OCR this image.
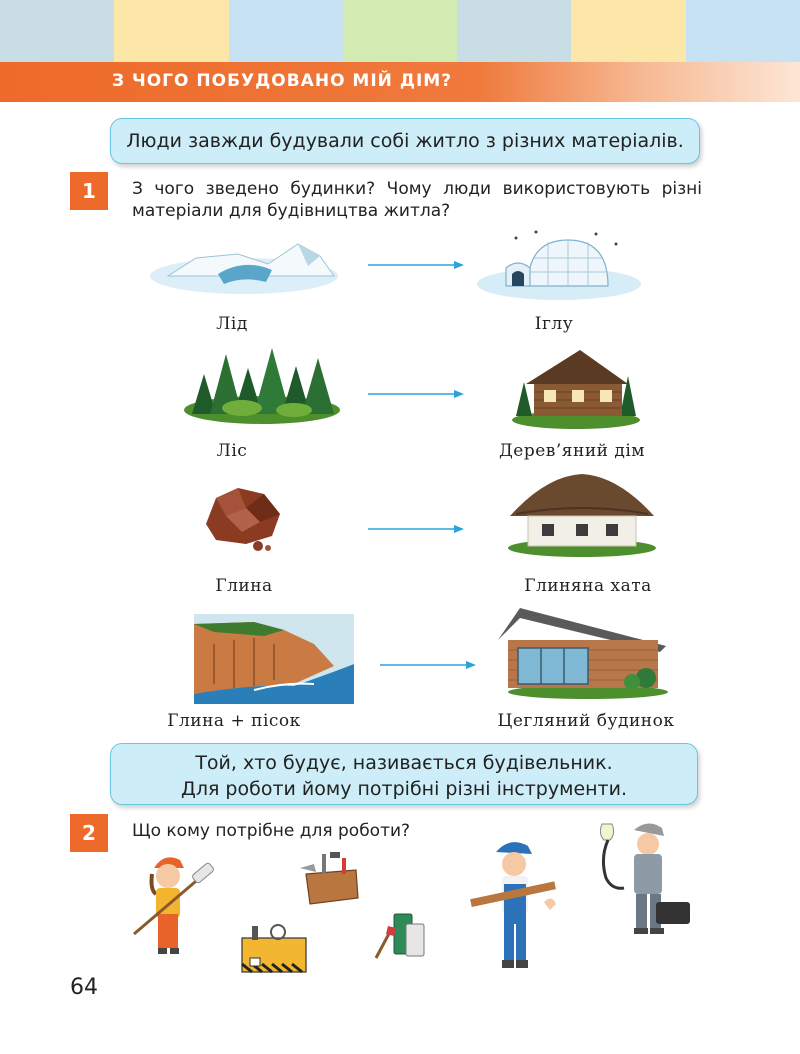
З ЧОГО ПОБУДОВАНО МІЙ ДІМ?
Люди завжди будували собі житло з різних матеріалів.
1	З чого зведено будинки? Чому люди використовують різні
матеріали для будівництва житла?
Лід	Іглу
Ліс	Дерев’яний дім
Глина	Глиняна хата
Глина + пісок	Цегляний будинок
Той, хто будує, називається будівельник.
Для роботи йому потрібні різні інструменти.
2	Що кому потрібне для роботи?
64
